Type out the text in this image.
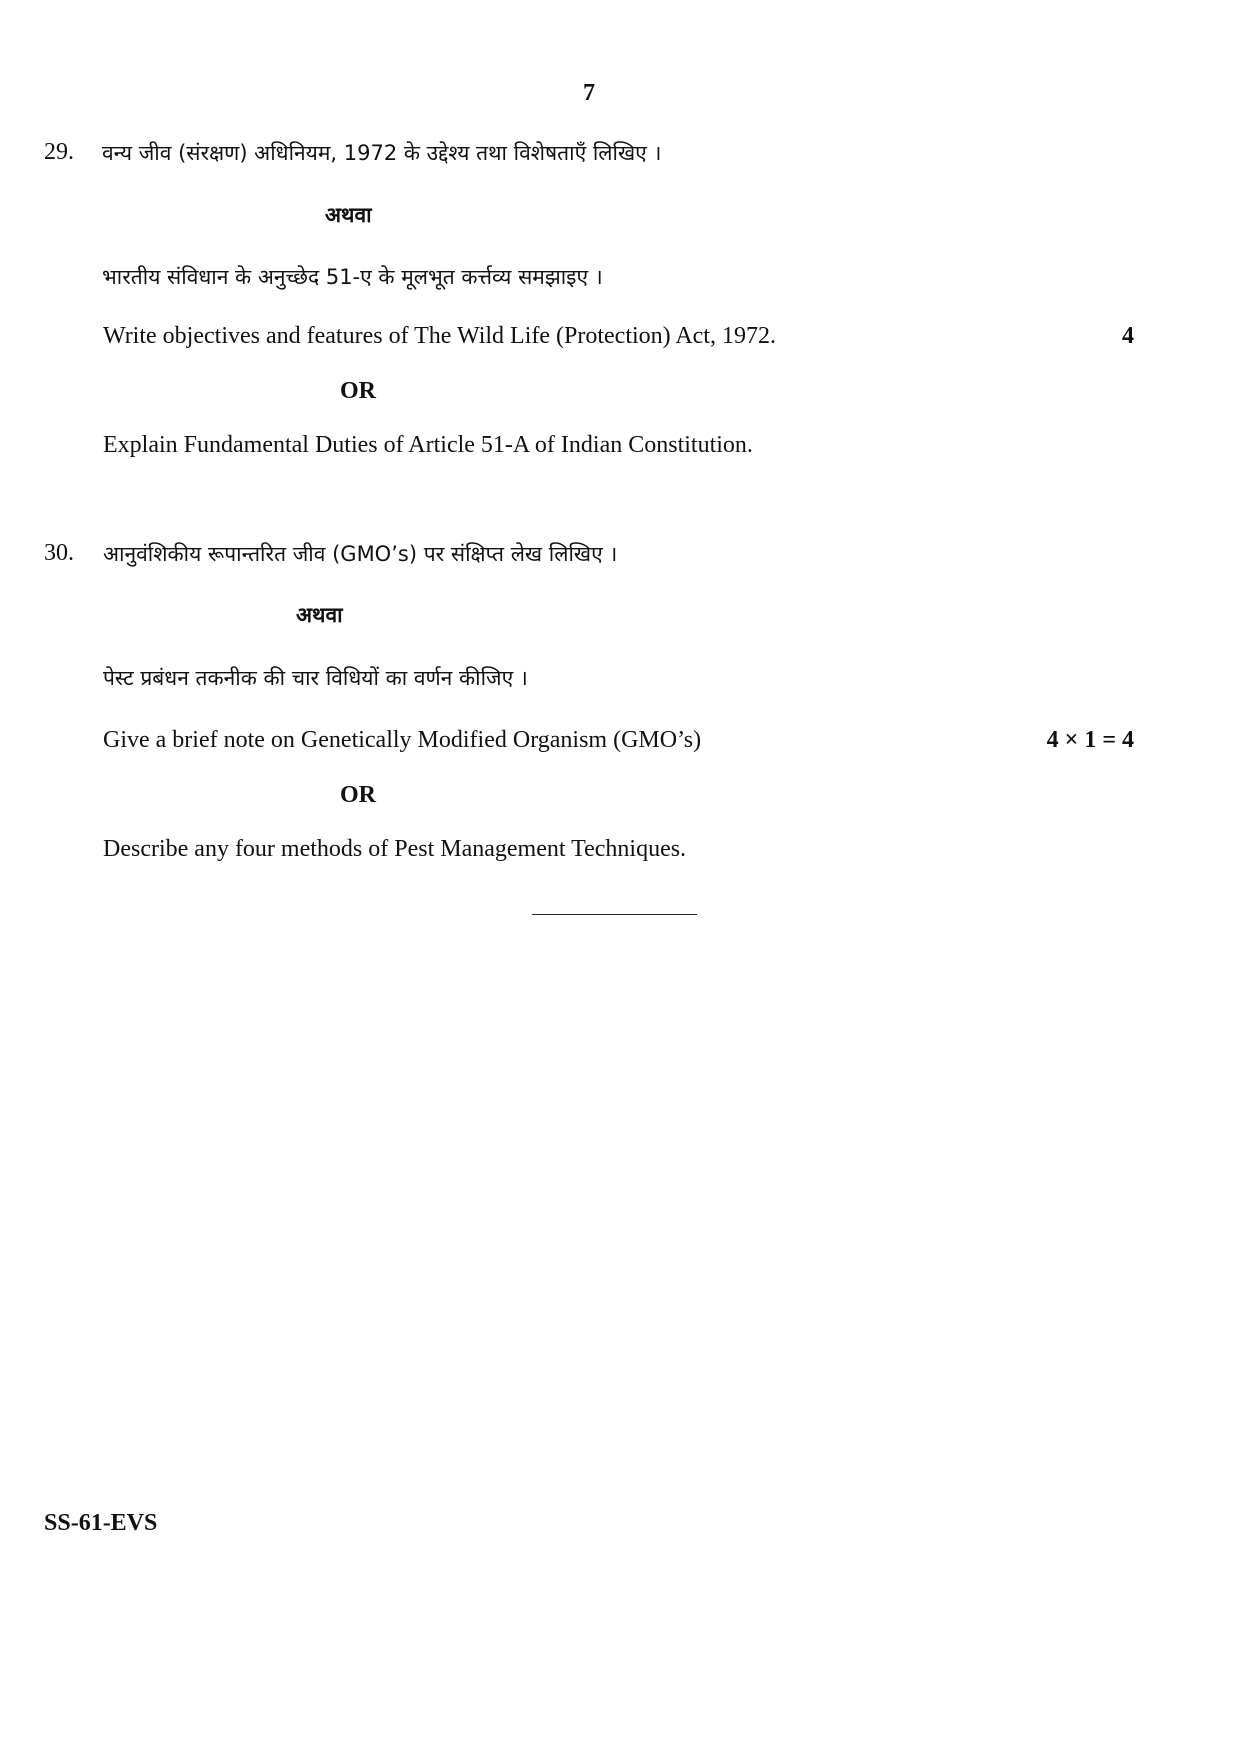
7
29. वन्य जीव (संरक्षण) अधिनियम, 1972 के उद्देश्य तथा विशेषताएँ लिखिए ।
अथवा
भारतीय संविधान के अनुच्छेद 51-ए के मूलभूत कर्त्तव्य समझाइए ।
Write objectives and features of The Wild Life (Protection) Act, 1972.	4
OR
Explain Fundamental Duties of Article 51-A of Indian Constitution.
30. आनुवंशिकीय रूपान्तरित जीव (GMO’s) पर संक्षिप्त लेख लिखिए ।
अथवा
पेस्ट प्रबंधन तकनीक की चार विधियों का वर्णन कीजिए ।
Give a brief note on Genetically Modified Organism (GMO’s)	4 × 1 = 4
OR
Describe any four methods of Pest Management Techniques.
SS-61-EVS
